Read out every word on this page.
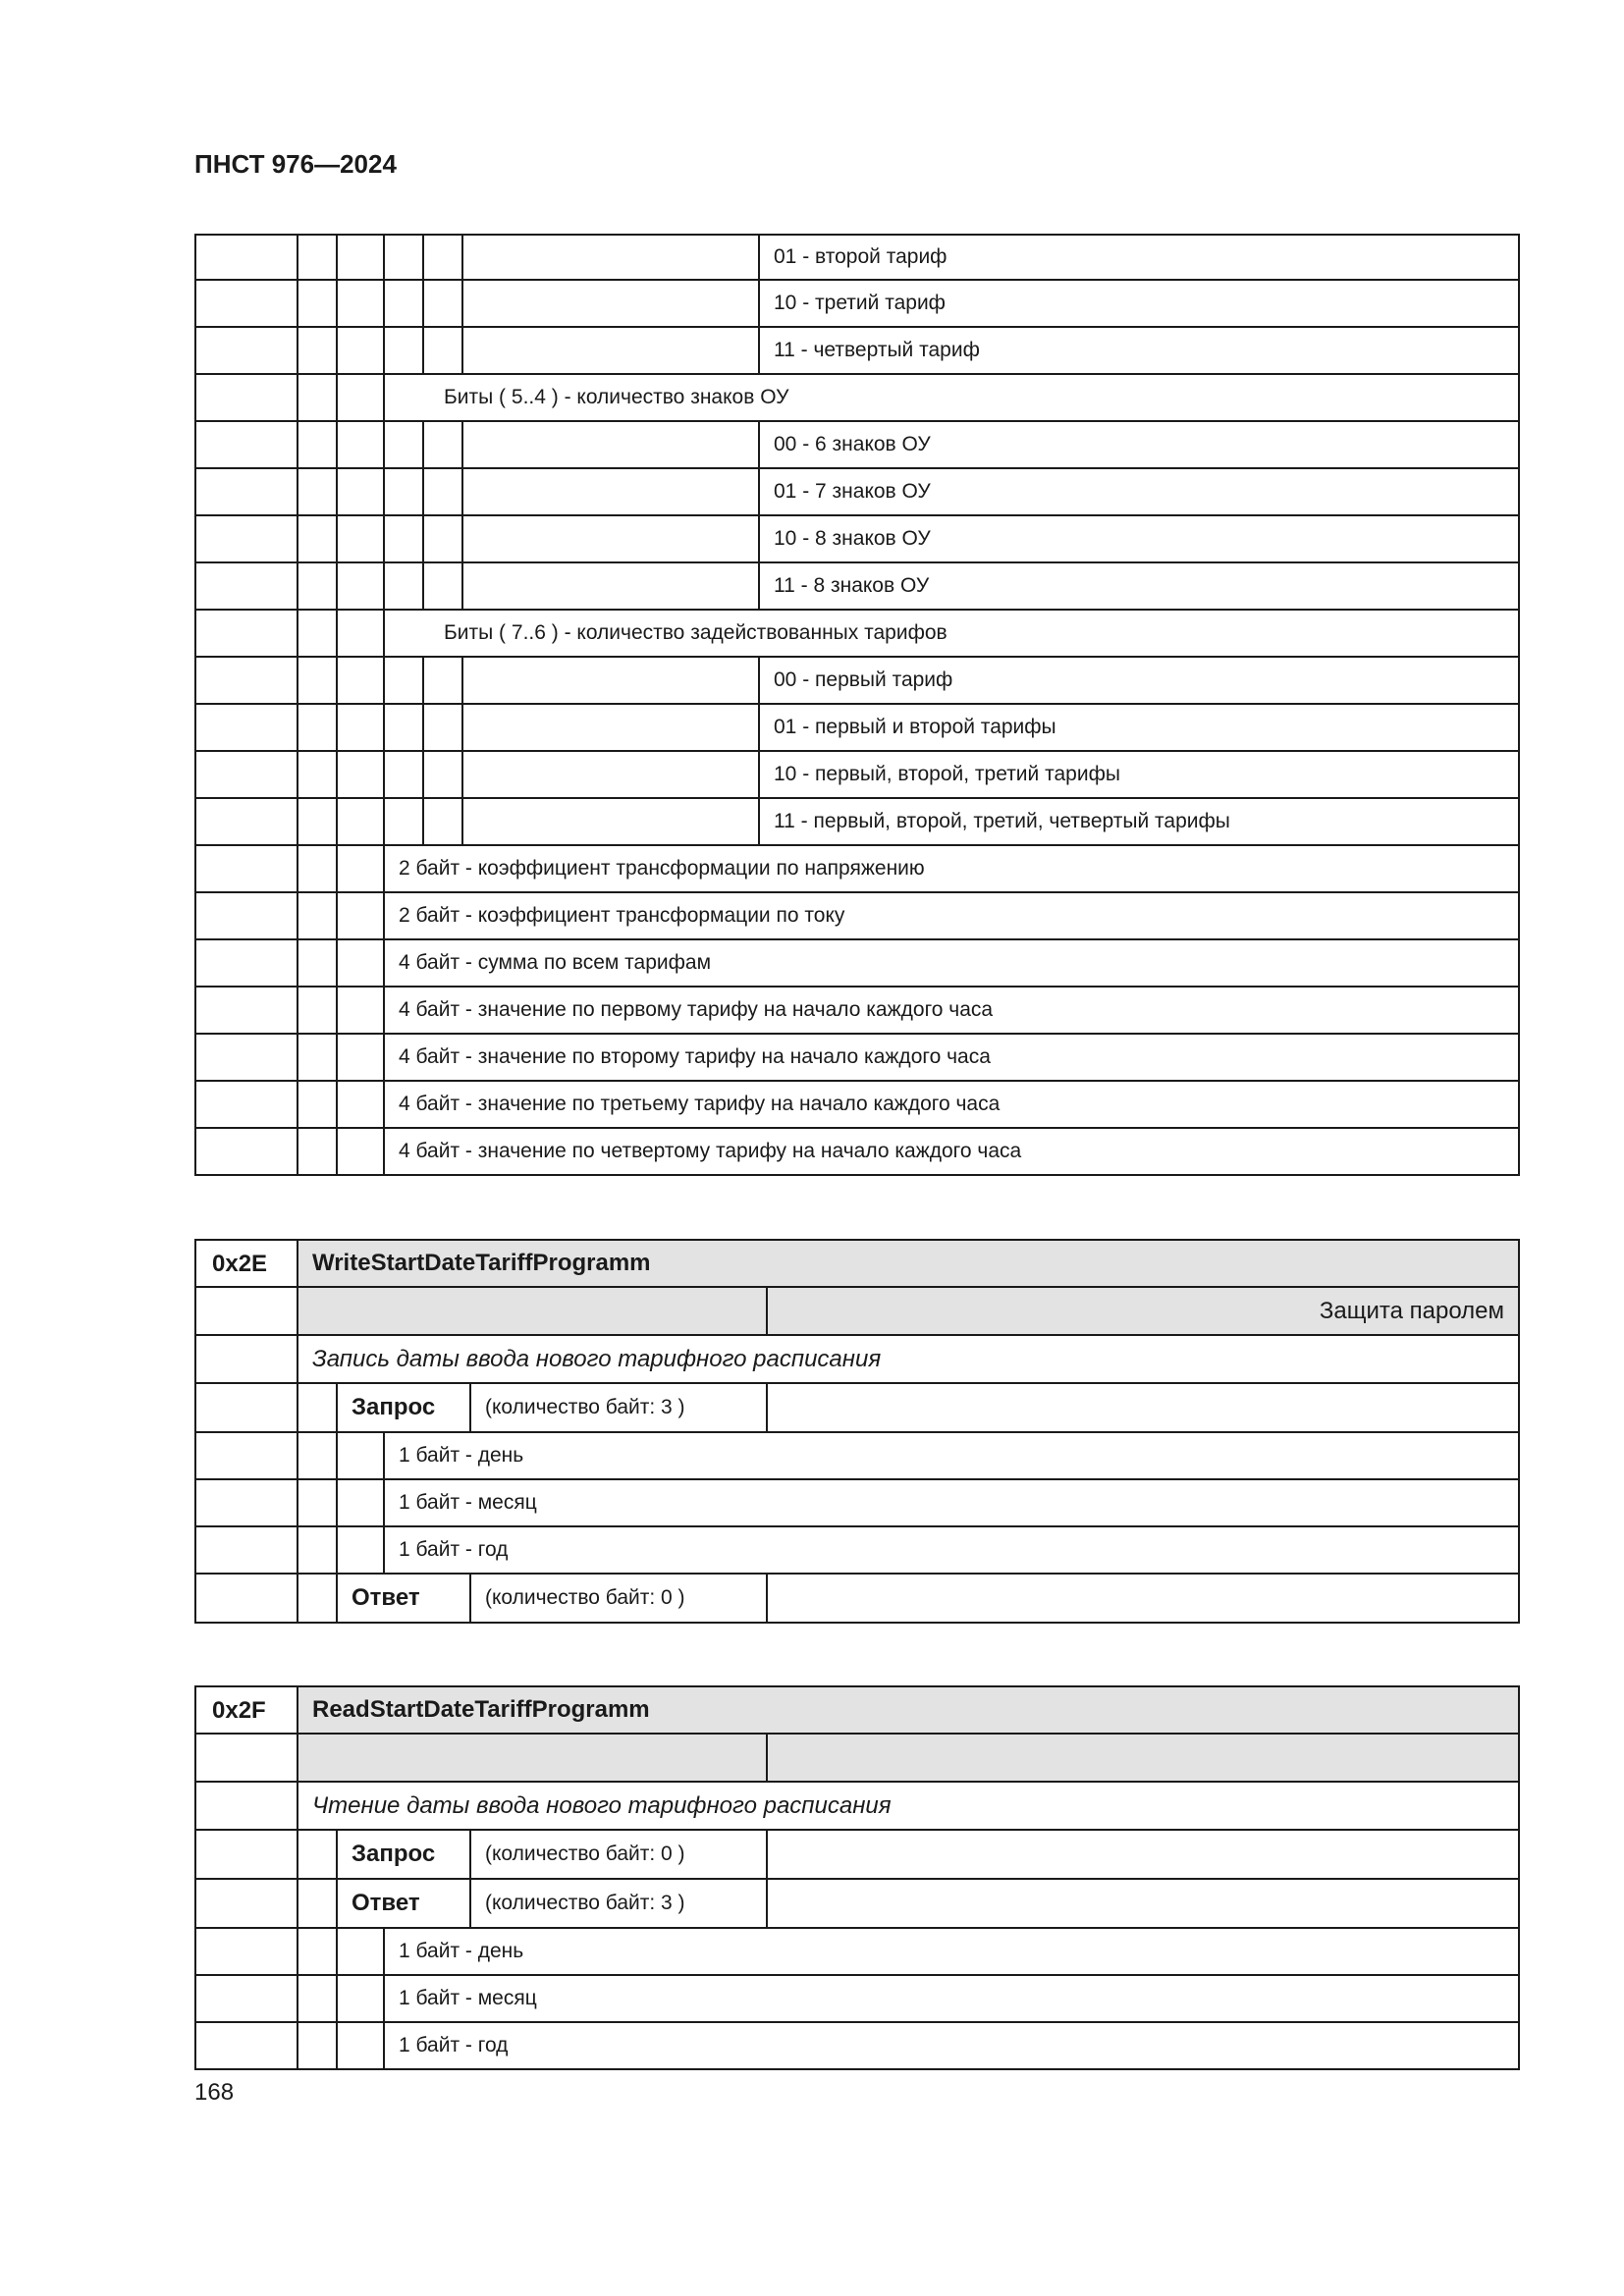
ПНСТ 976—2024
01 - второй тариф
10 - третий тариф
11 - четвертый тариф
Биты ( 5..4 ) - количество знаков ОУ
00 - 6 знаков ОУ
01 - 7 знаков ОУ
10 - 8 знаков ОУ
11 - 8 знаков ОУ
Биты ( 7..6 ) - количество задействованных тарифов
00 - первый тариф
01 - первый и второй тарифы
10 - первый, второй, третий тарифы
11 - первый, второй, третий, четвертый тарифы
2 байт - коэффициент трансформации по напряжению
2 байт - коэффициент трансформации по току
4 байт - сумма по всем тарифам
4 байт - значение по первому тарифу на начало каждого часа
4 байт - значение по второму тарифу на начало каждого часа
4 байт - значение по третьему тарифу на начало каждого часа
4 байт - значение по четвертому тарифу на начало каждого часа
0x2E WriteStartDateTariffProgramm
Защита паролем
Запись даты ввода нового тарифного расписания
Запрос (количество байт: 3 )
1 байт - день
1 байт - месяц
1 байт - год
Ответ	(количество байт: 0 )
0x2F ReadStartDateTariffProgramm
Чтение даты ввода нового тарифного расписания
Запрос (количество байт: 0 )
Ответ	(количество байт: 3 )
1 байт - день
1 байт - месяц
1 байт - год
168
